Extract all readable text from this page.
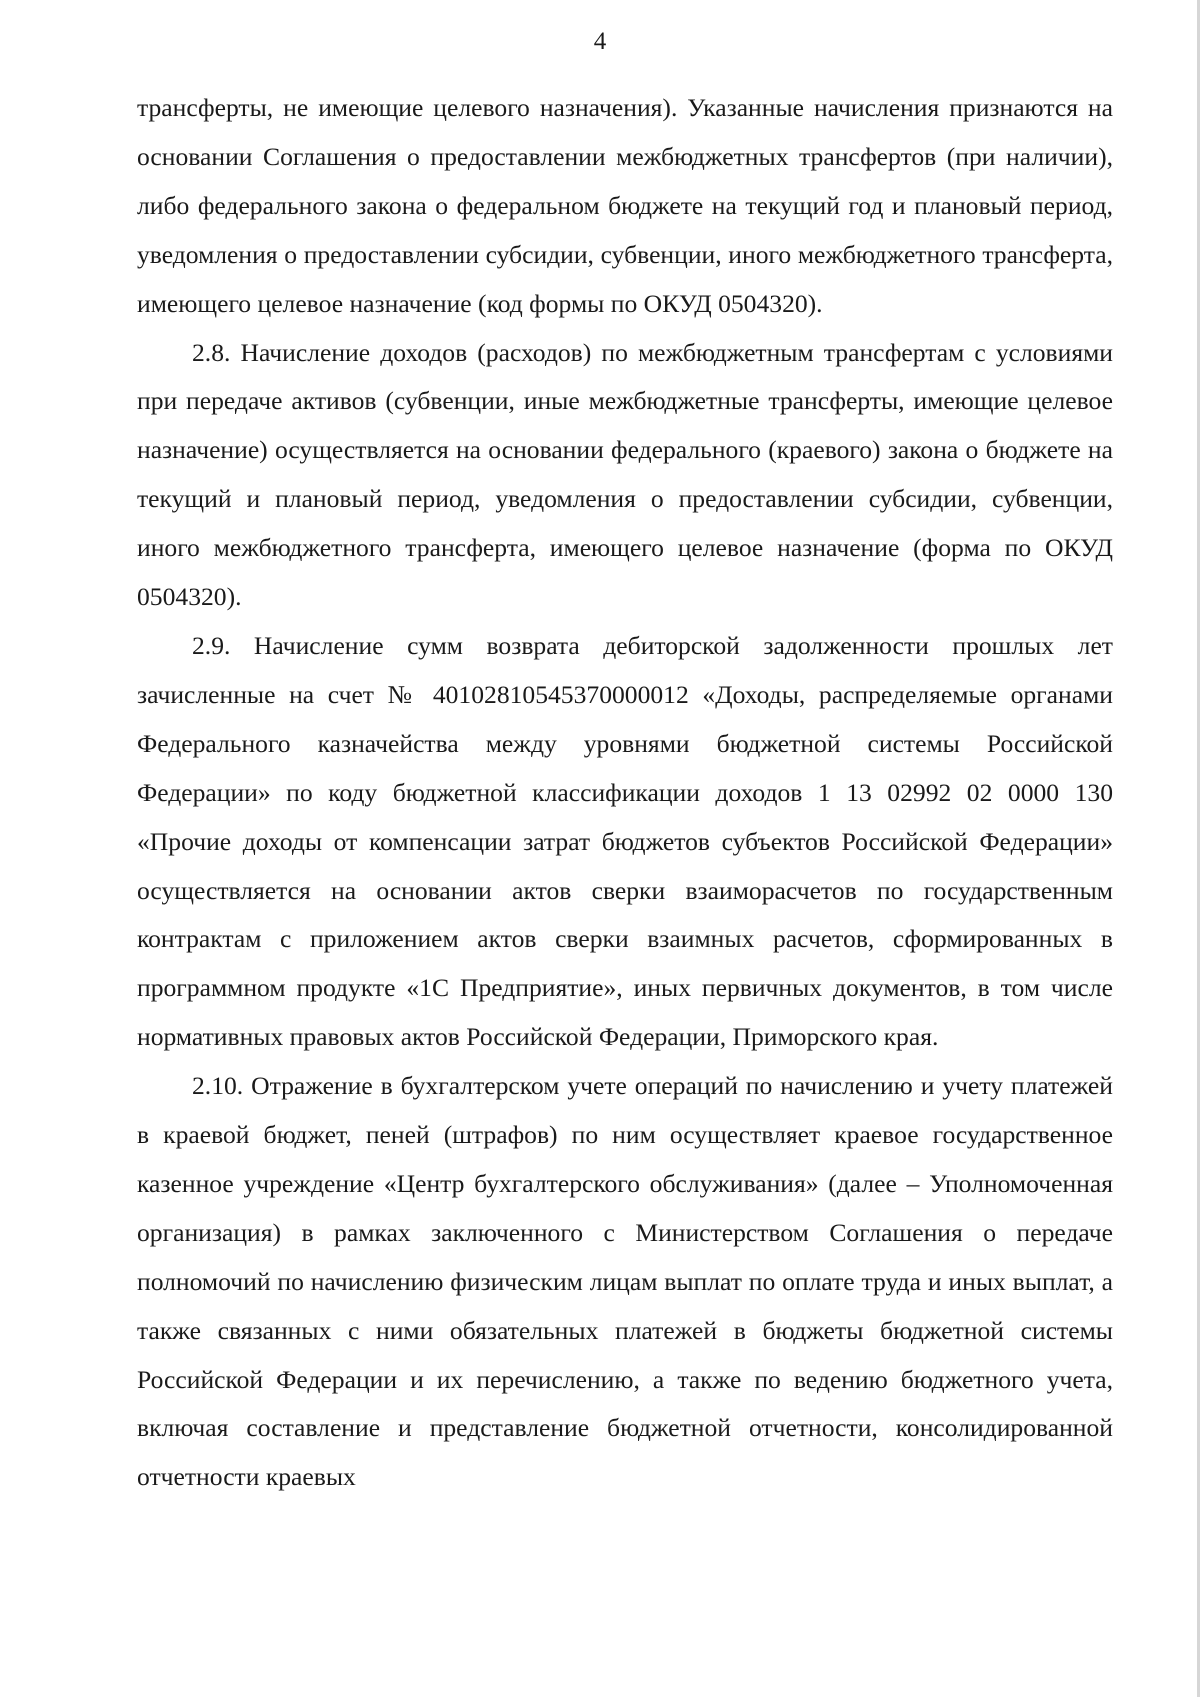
4

трансферты, не имеющие целевого назначения). Указанные начисления признаются на основании Соглашения о предоставлении межбюджетных трансфертов (при наличии), либо федерального закона о федеральном бюджете на текущий год и плановый период, уведомления о предоставлении субсидии, субвенции, иного межбюджетного трансферта, имеющего целевое назначение (код формы по ОКУД 0504320).

2.8. Начисление доходов (расходов) по межбюджетным трансфертам с условиями при передаче активов (субвенции, иные межбюджетные трансферты, имеющие целевое назначение) осуществляется на основании федерального (краевого) закона о бюджете на текущий и плановый период, уведомления о предоставлении субсидии, субвенции, иного межбюджетного трансферта, имеющего целевое назначение (форма по ОКУД 0504320).

2.9. Начисление сумм возврата дебиторской задолженности прошлых лет зачисленные на счет № 40102810545370000012 «Доходы, распределяемые органами Федерального казначейства между уровнями бюджетной системы Российской Федерации» по коду бюджетной классификации доходов 1 13 02992 02 0000 130 «Прочие доходы от компенсации затрат бюджетов субъектов Российской Федерации» осуществляется на основании актов сверки взаиморасчетов по государственным контрактам с приложением актов сверки взаимных расчетов, сформированных в программном продукте «1С Предприятие», иных первичных документов, в том числе нормативных правовых актов Российской Федерации, Приморского края.

2.10. Отражение в бухгалтерском учете операций по начислению и учету платежей в краевой бюджет, пеней (штрафов) по ним осуществляет краевое государственное казенное учреждение «Центр бухгалтерского обслуживания» (далее – Уполномоченная организация) в рамках заключенного с Министерством Соглашения о передаче полномочий по начислению физическим лицам выплат по оплате труда и иных выплат, а также связанных с ними обязательных платежей в бюджеты бюджетной системы Российской Федерации и их перечислению, а также по ведению бюджетного учета, включая составление и представление бюджетной отчетности, консолидированной отчетности краевых
